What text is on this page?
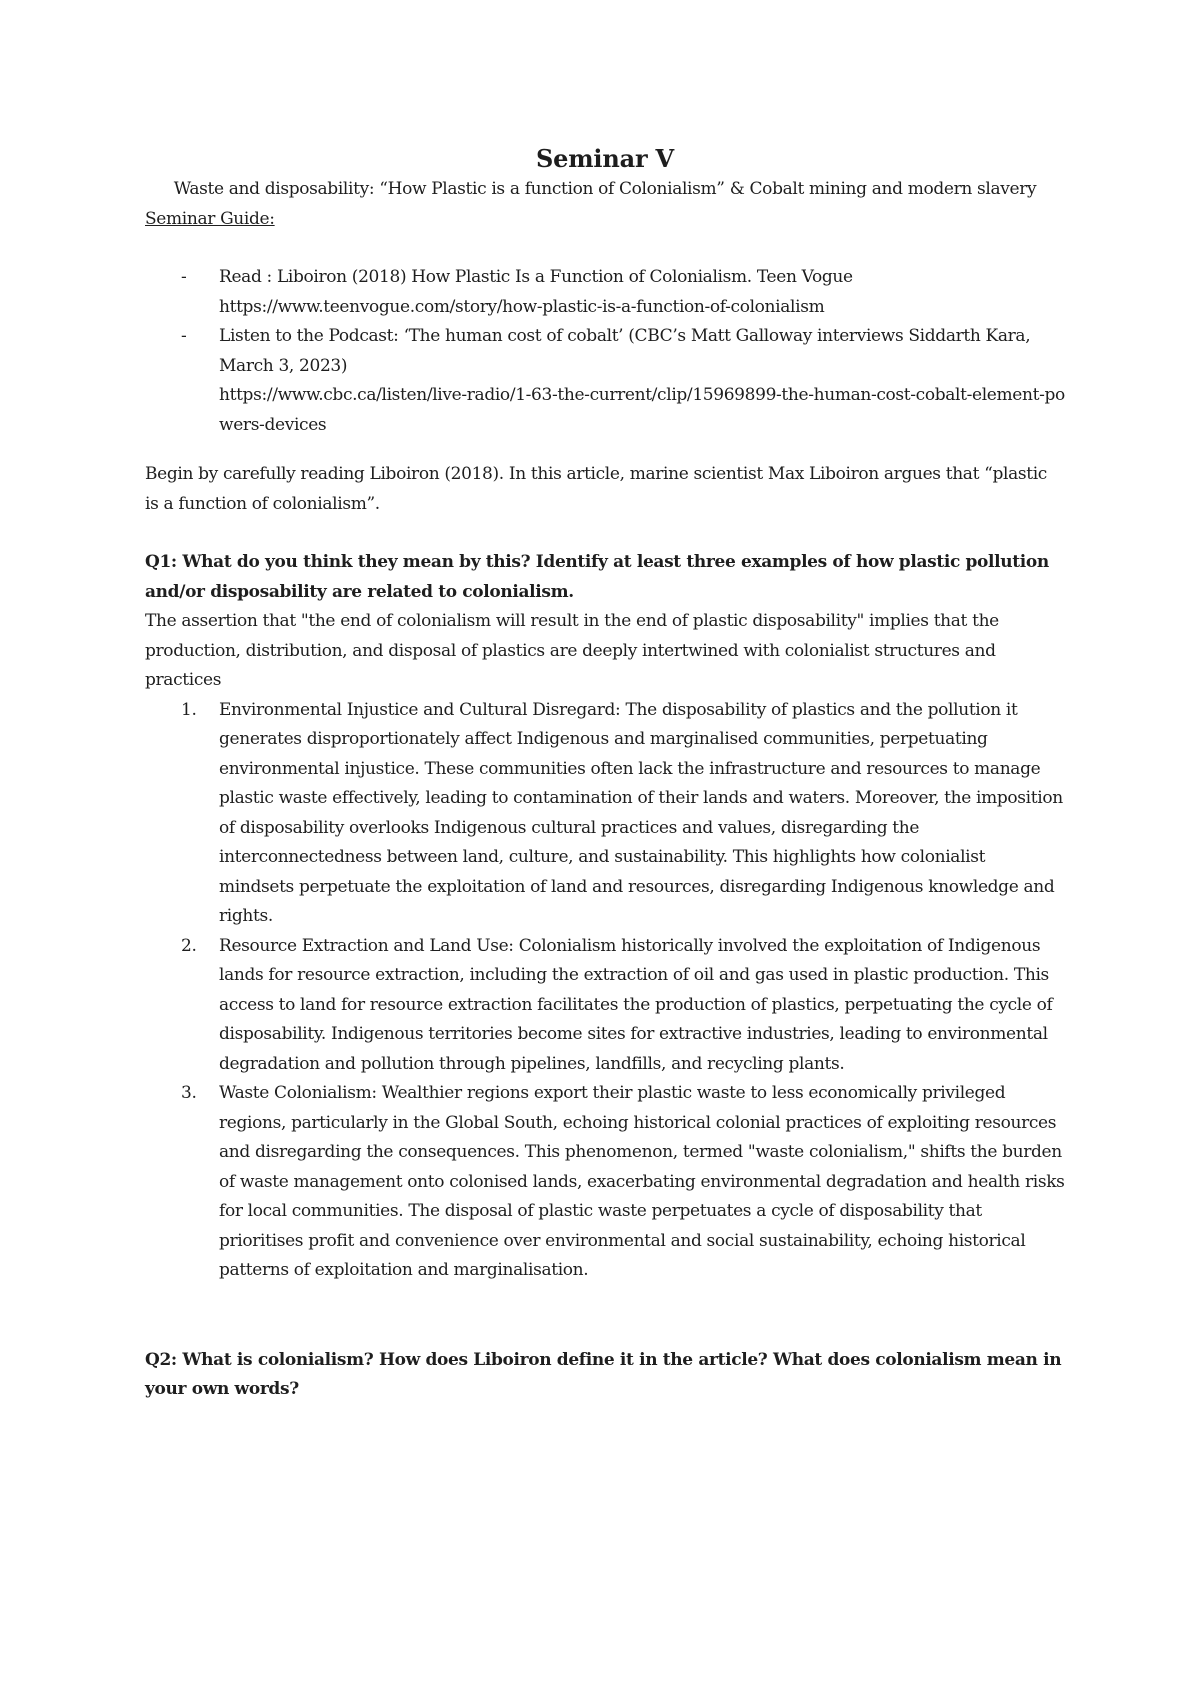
Seminar V

Waste and disposability: “How Plastic is a function of Colonialism” & Cobalt mining and modern slavery

Seminar Guide:

- Read : Liboiron (2018) How Plastic Is a Function of Colonialism. Teen Vogue
https://www.teenvogue.com/story/how-plastic-is-a-function-of-colonialism
- Listen to the Podcast: ‘The human cost of cobalt’ (CBC’s Matt Galloway interviews Siddarth Kara, March 3, 2023)
https://www.cbc.ca/listen/live-radio/1-63-the-current/clip/15969899-the-human-cost-cobalt-element-powers-devices

Begin by carefully reading Liboiron (2018). In this article, marine scientist Max Liboiron argues that “plastic is a function of colonialism”.

Q1: What do you think they mean by this? Identify at least three examples of how plastic pollution and/or disposability are related to colonialism.

The assertion that "the end of colonialism will result in the end of plastic disposability" implies that the production, distribution, and disposal of plastics are deeply intertwined with colonialist structures and practices

1. Environmental Injustice and Cultural Disregard: The disposability of plastics and the pollution it generates disproportionately affect Indigenous and marginalised communities, perpetuating environmental injustice. These communities often lack the infrastructure and resources to manage plastic waste effectively, leading to contamination of their lands and waters. Moreover, the imposition of disposability overlooks Indigenous cultural practices and values, disregarding the interconnectedness between land, culture, and sustainability. This highlights how colonialist mindsets perpetuate the exploitation of land and resources, disregarding Indigenous knowledge and rights.
2. Resource Extraction and Land Use: Colonialism historically involved the exploitation of Indigenous lands for resource extraction, including the extraction of oil and gas used in plastic production. This access to land for resource extraction facilitates the production of plastics, perpetuating the cycle of disposability. Indigenous territories become sites for extractive industries, leading to environmental degradation and pollution through pipelines, landfills, and recycling plants.
3. Waste Colonialism: Wealthier regions export their plastic waste to less economically privileged regions, particularly in the Global South, echoing historical colonial practices of exploiting resources and disregarding the consequences. This phenomenon, termed "waste colonialism," shifts the burden of waste management onto colonised lands, exacerbating environmental degradation and health risks for local communities. The disposal of plastic waste perpetuates a cycle of disposability that prioritises profit and convenience over environmental and social sustainability, echoing historical patterns of exploitation and marginalisation.

Q2: What is colonialism? How does Liboiron define it in the article? What does colonialism mean in your own words?
